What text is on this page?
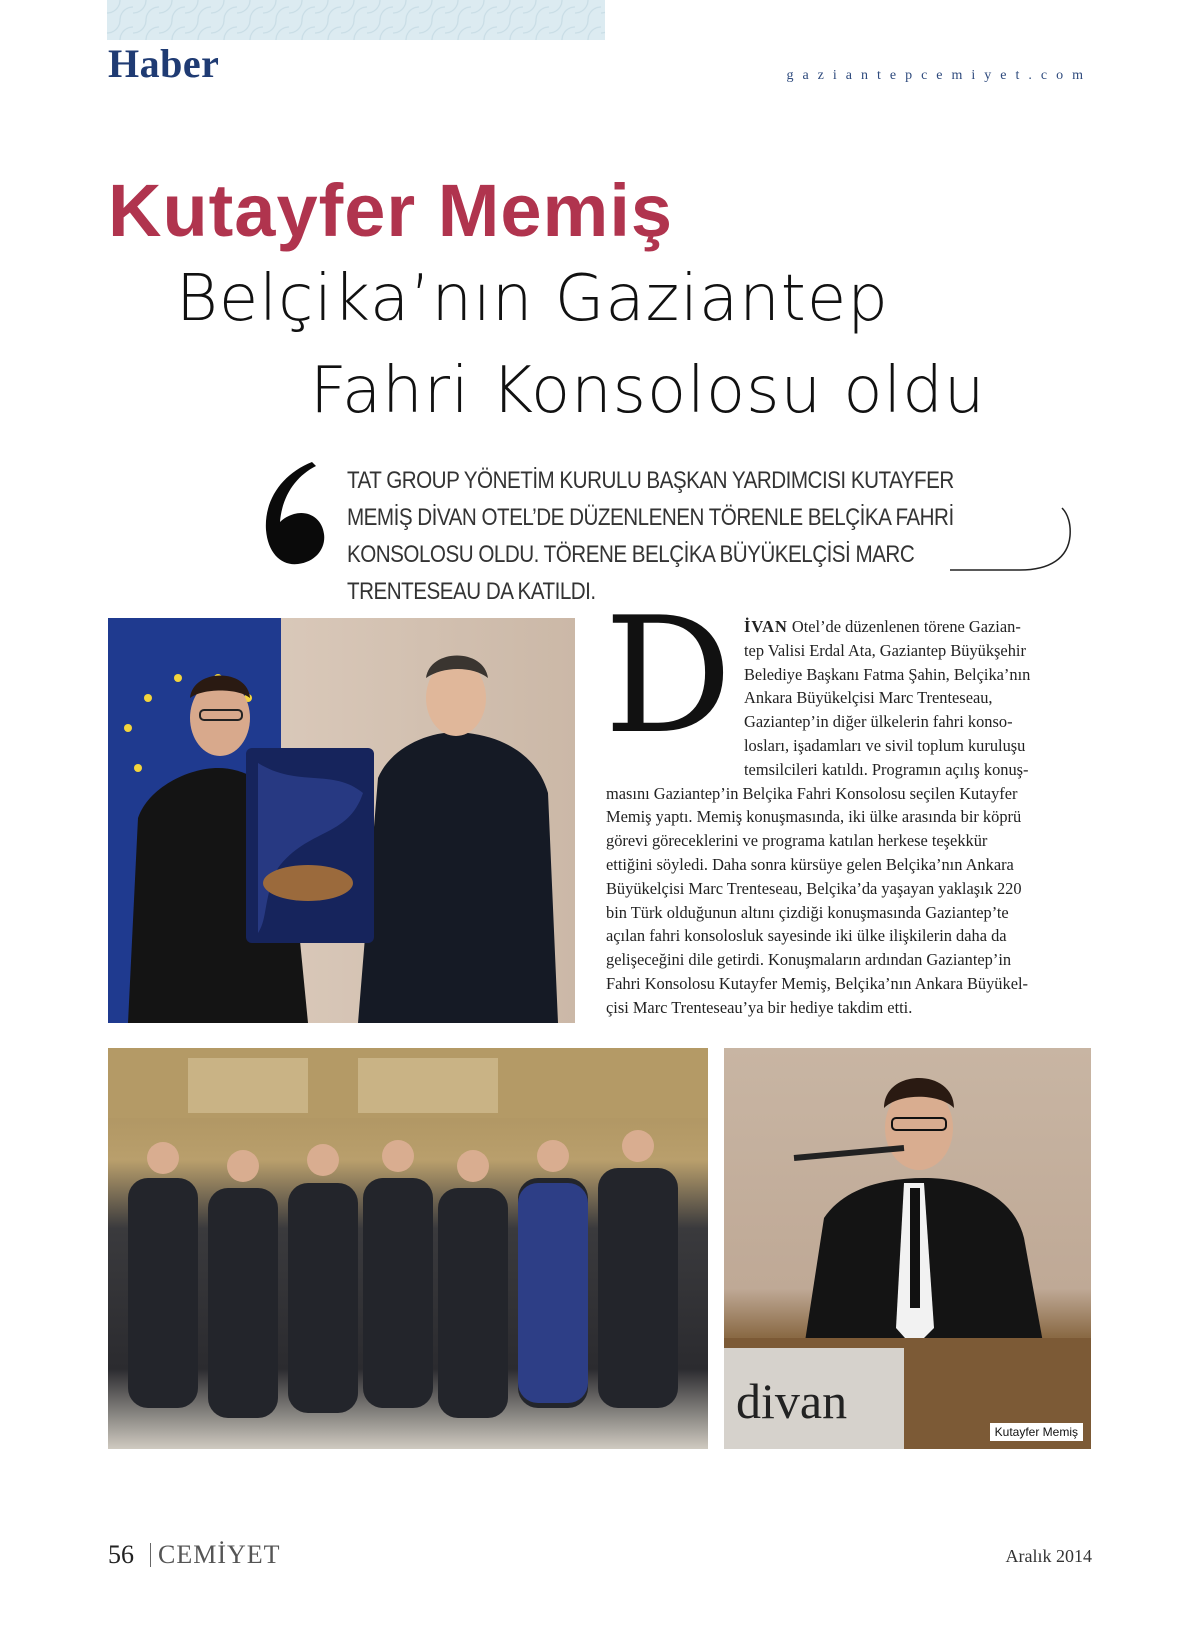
Haber	gaziantepcemiyet.com
Kutayfer Memiş
Belçika’nın Gaziantep
Fahri Konsolosu oldu

TAT GROUP YÖNETİM KURULU BAŞKAN YARDIMCISI KUTAYFER MEMİŞ DİVAN OTEL’DE DÜZENLENEN TÖRENLE BELÇİKA FAHRİ KONSOLOSU OLDU. TÖRENE BELÇİKA BÜYÜKELÇİSİ MARC TRENTESEAU DA KATILDI. D İVAN Otel’de düzenlenen törene Gazian-
tep Valisi Erdal Ata, Gaziantep Büyükşehir
Belediye Başkanı Fatma Şahin, Belçika’nın
Ankara Büyükelçisi Marc Trenteseau,
Gaziantep’in diğer ülkelerin fahri konso-
losları, işadamları ve sivil toplum kuruluşu
temsilcileri katıldı. Programın açılış konuş-
masını Gaziantep’in Belçika Fahri Konsolosu seçilen Kutayfer
Memiş yaptı. Memiş konuşmasında, iki ülke arasında bir köprü
görevi göreceklerini ve programa katılan herkese teşekkür
ettiğini söyledi. Daha sonra kürsüye gelen Belçika’nın Ankara
Büyükelçisi Marc Trenteseau, Belçika’da yaşayan yaklaşık 220
bin Türk olduğunun altını çizdiği konuşmasında Gaziantep’te
açılan fahri konsolosluk sayesinde iki ülke ilişkilerin daha da
gelişeceğini dile getirdi. Konuşmaların ardından Gaziantep’in
Fahri Konsolosu Kutayfer Memiş, Belçika’nın Ankara Büyükel-
çisi Marc Trenteseau’ya bir hediye takdim etti.
divan
Kutayfer Memiş
56 CEMİYET	Aralık 2014
